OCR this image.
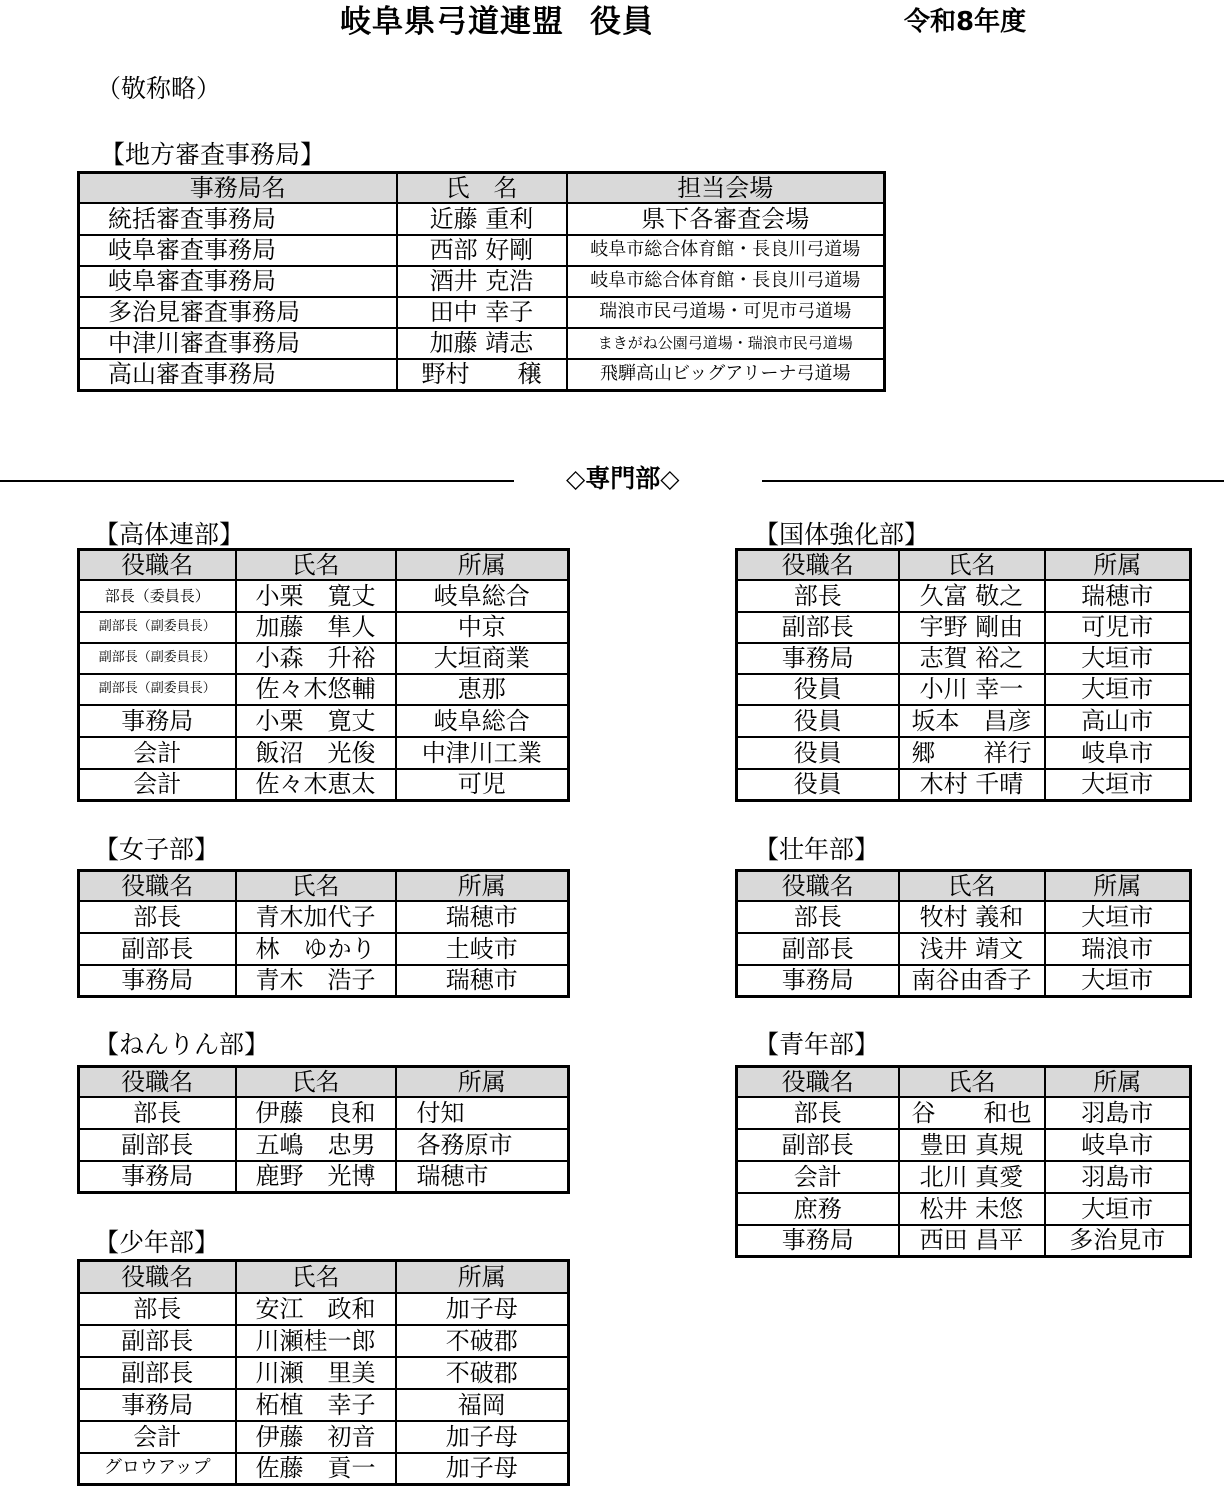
岐阜県弓道連盟 役員	令和8年度
（敬称略）
【地方審査事務局】
事務局名	氏　名	担当会場
統括審査事務局	近藤 重利	県下各審査会場
岐阜審査事務局	西部 好剛	岐阜市総合体育館・長良川弓道場
岐阜審査事務局	酒井 克浩	岐阜市総合体育館・長良川弓道場
多治見審査事務局	田中 幸子	瑞浪市民弓道場・可児市弓道場
中津川審査事務局	加藤 靖志	まきがね公園弓道場・瑞浪市民弓道場
高山審査事務局	野村　　穣	飛騨高山ビッグアリーナ弓道場
◇専門部◇
【高体連部】
役職名	氏名	所属
部長（委員長）	小栗　寛丈	岐阜総合
副部長（副委員長）	加藤　隼人	中京
副部長（副委員長）	小森　升裕	大垣商業
副部長（副委員長）	佐々木悠輔	恵那
事務局	小栗　寛丈	岐阜総合
会計	飯沼　光俊	中津川工業
会計	佐々木恵太	可児
【女子部】
役職名	氏名	所属
部長	青木加代子	瑞穂市
副部長	林　ゆかり	土岐市
事務局	青木　浩子	瑞穂市
【ねんりん部】
役職名	氏名	所属
部長	伊藤　良和	付知
副部長	五嶋　忠男	各務原市
事務局	鹿野　光博	瑞穂市
【少年部】
役職名	氏名	所属
部長	安江　政和	加子母
副部長	川瀬桂一郎	不破郡
副部長	川瀬　里美	不破郡
事務局	柘植　幸子	福岡
会計	伊藤　初音	加子母
グロウアップ	佐藤　貢一	加子母
【国体強化部】
役職名	氏名	所属
部長	久富 敬之	瑞穂市
副部長	宇野 剛由	可児市
事務局	志賀 裕之	大垣市
役員	小川 幸一	大垣市
役員	坂本　昌彦	高山市
役員	郷　　祥行	岐阜市
役員	木村 千晴	大垣市
【壮年部】
役職名	氏名	所属
部長	牧村 義和	大垣市
副部長	浅井 靖文	瑞浪市
事務局	南谷由香子	大垣市
【青年部】
役職名	氏名	所属
部長	谷　　和也	羽島市
副部長	豊田 真規	岐阜市
会計	北川 真愛	羽島市
庶務	松井 未悠	大垣市
事務局	西田 昌平	多治見市
